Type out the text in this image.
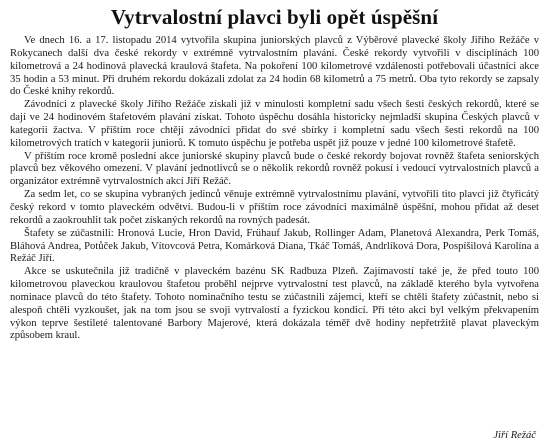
Vytrvalostní plavci byli opět úspěšní

Ve dnech 16. a 17. listopadu 2014 vytvořila skupina juniorských plavců z Výběrové plavecké školy Jiřího Režáče v Rokycanech další dva české rekordy v extrémně vytrvalostním plavání. České rekordy vytvořili v disciplínách 100 kilometrová a 24 hodinová plavecká kraulová štafeta. Na pokoření 100 kilometrové vzdálenosti potřebovali účastníci akce 35 hodin a 53 minut. Při druhém rekordu dokázali zdolat za 24 hodin 68 kilometrů a 75 metrů. Oba tyto rekordy se zapsaly do České knihy rekordů.

Závodníci z plavecké školy Jiřího Režáče získali již v minulosti kompletní sadu všech šesti českých rekordů, které se dají ve 24 hodinovém štafetovém plavání získat. Tohoto úspěchu dosáhla historicky nejmladší skupina Českých plavců v kategorii žactva. V příštím roce chtějí závodníci přidat do své sbírky i kompletní sadu všech šesti rekordů na 100 kilometrových tratích v kategorii juniorů. K tomuto úspěchu je potřeba uspět již pouze v jedné 100 kilometrové štafetě.

V příštím roce kromě poslední akce juniorské skupiny plavců bude o české rekordy bojovat rovněž štafeta seniorských plavců bez věkového omezení. V plavání jednotlivců se o několik rekordů rovněž pokusí i vedoucí vytrvalostních plavců a organizátor extrémně vytrvalostních akcí Jiří Režáč.

Za sedm let, co se skupina vybraných jedinců věnuje extrémně vytrvalostnímu plavání, vytvořili tito plavci již čtyřicátý český rekord v tomto plaveckém odvětví. Budou-li v příštím roce závodníci maximálně úspěšní, mohou přidat až deset rekordů a zaokrouhlit tak počet získaných rekordů na rovných padesát.

Štafety se zúčastnili: Hronová Lucie, Hron David, Frühauf Jakub, Rollinger Adam, Planetová Alexandra, Perk Tomáš, Bláhová Andrea, Potůček Jakub, Vítovcová Petra, Komárková Diana, Tkáč Tomáš, Andrlíková Dora, Pospíšilová Karolína a Režáč Jiří.

Akce se uskutečnila již tradičně v plaveckém bazénu SK Radbuza Plzeň. Zajímavostí také je, že před touto 100 kilometrovou plaveckou kraulovou štafetou proběhl nejprve vytrvalostní test plavců, na základě kterého byla vytvořena nominace plavců do této štafety. Tohoto nominačního testu se zúčastnili zájemci, kteří se chtěli štafety zúčastnit, nebo si alespoň chtěli vyzkoušet, jak na tom jsou se svoji vytrvalostí a fyzickou kondicí. Při této akci byl velkým překvapením výkon teprve šestileté talentované Barbory Majerové, která dokázala téměř dvě hodiny nepřetržitě plavat plaveckým způsobem kraul.

Jiří Režáč
